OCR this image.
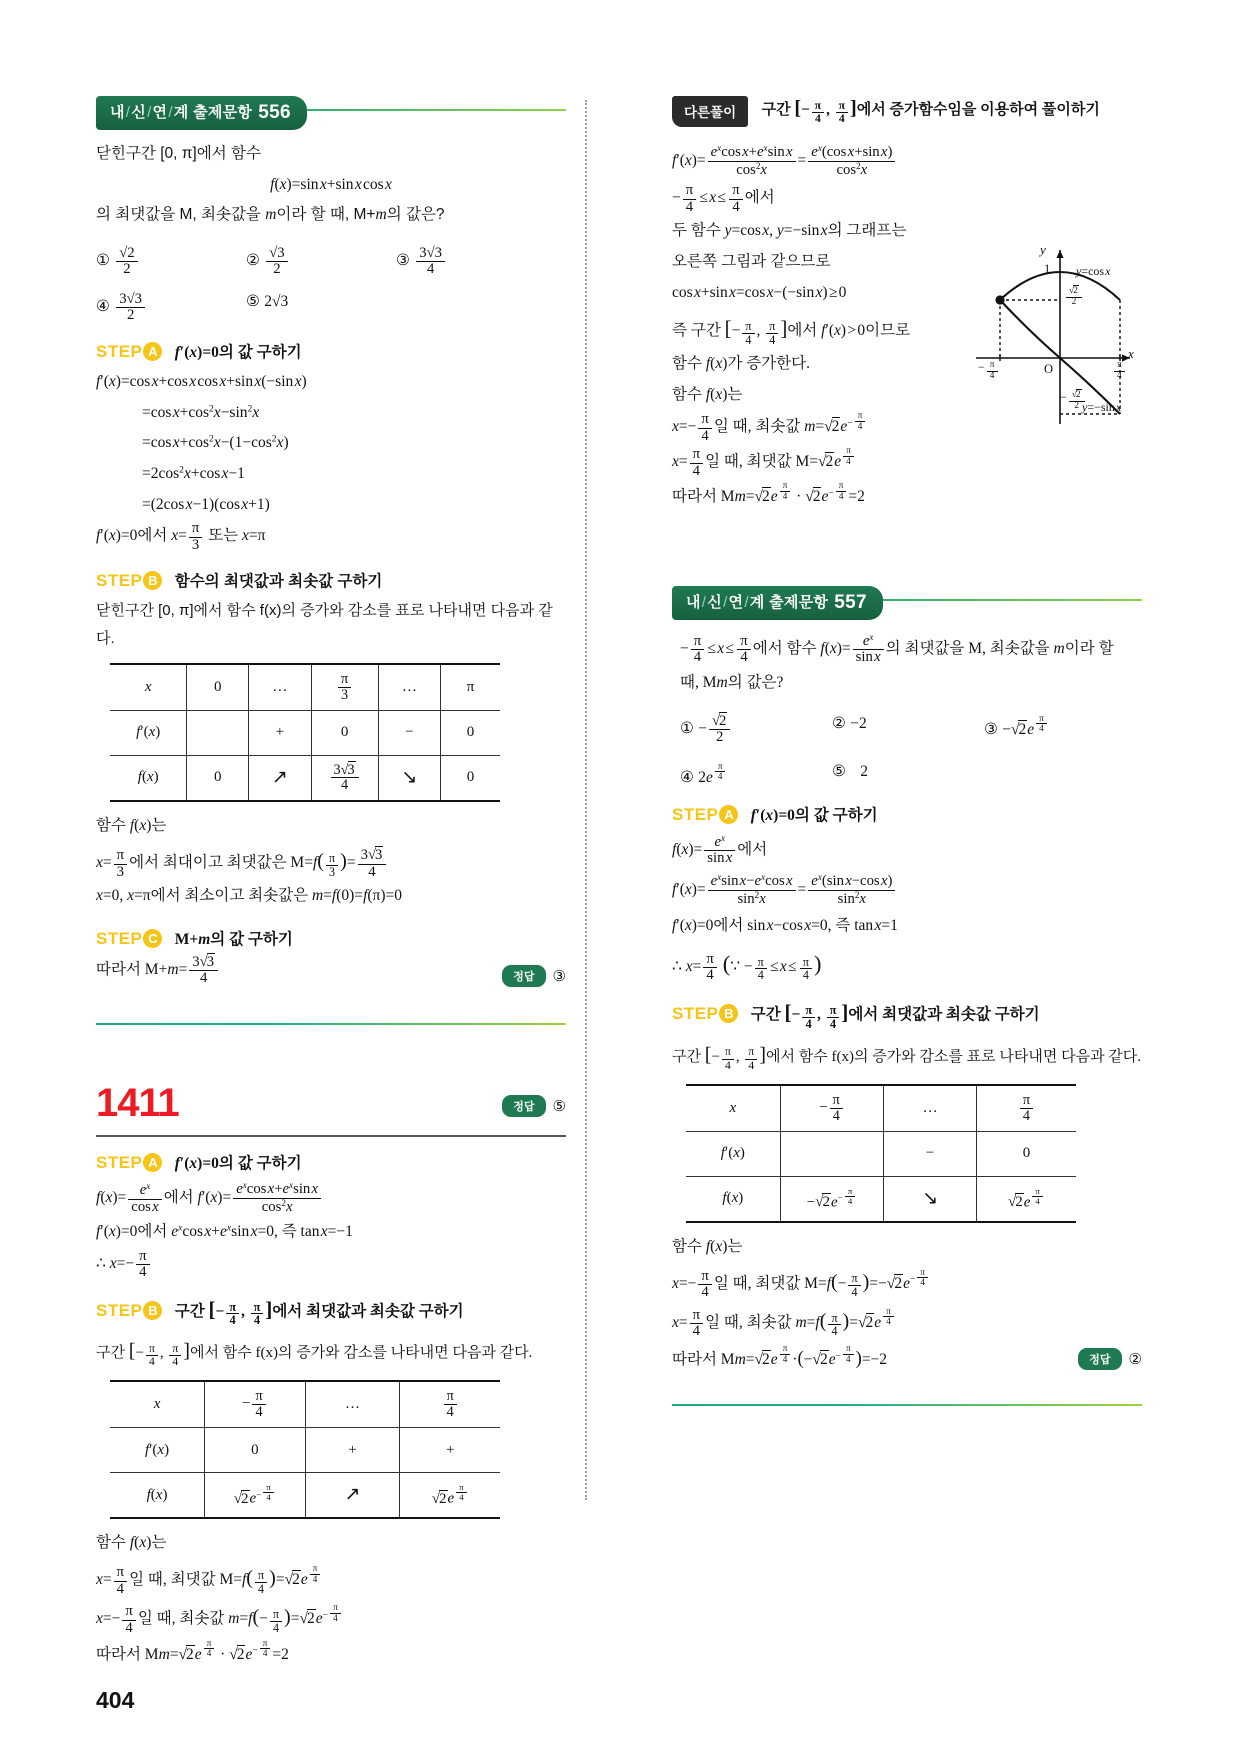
내/신/연/계 출제문항 556
닫힌구간 [0, π]에서 함수
f(x)=sin x+sin x cos x
의 최댓값을 M, 최솟값을 m이라 할 때, M+m의 값은?
① $\frac{√2}{2}$	② $\frac{√3}{2}$	③ $\frac{3√3}{4}$
④ $\frac{3√3}{2}$	⑤ 2√3
STEP A f′(x)=0의 값 구하기
f′(x)=cos x+cos x cos x+sin x(−sin x)
=cos $x+\cos^2x-\sin^2x$
=cos $x+\cos^2x-(1-\cos^2x)$
$=2\cos^2x+\cos$ x−1
=(2cos x−1)(cos x+1)
f′(x)=0에서 $x= \frac{\pi}{3}$ 또는 x=π
STEP B 함수의 최댓값과 최솟값 구하기
닫힌구간 [0, π]에서 함수 f(x)의 증가와 감소를 표로 나타내면 다음과 같다.
x	0	…	$\frac{\pi}{3}$	…	π
f′(x)		+	0	−	0
f(x)	0	↗	$\frac{3√3}{4}$	↘	0
함수 f(x)는
$x= \frac{\pi}{3}$ 에서 최대이고 최댓값은 $M=f( \frac{\pi}{3}$ )= $\frac{3√3}{4}$
x=0, x=π에서 최소이고 최솟값은 m=f(0)=f(π)=0
STEP C M+m의 값 구하기
따라서 $M+m= \frac{3√3}{4}$	정답	③
1411	정답	⑤
STEP A f′(x)=0의 값 구하기
$f(x)= \frac{e^x}{\text{cos x}}$ 에서 $f'(x)= \frac{e^x\cos x+e^x\sin x}{\cos^2x}$
f′(x)=0에서 $e^x\cos$ $x+e^x\sin$ x=0, 즉 tan x=−1
∴ $x=- \frac{\pi}{4}$
STEP B 구간 [− $\frac{\pi}{4}$ , $\frac{\pi}{4}$ ]에서 최댓값과 최솟값 구하기
구간 [− $\frac{\pi}{4}$ , $\frac{\pi}{4}$ ]에서 함수 f(x)의 증가와 감소를 나타내면 다음과 같다.
x	− $\frac{\pi}{4}$	…	$\frac{\pi}{4}$

f′(x)	0	+	+
f(x)	$√2e^{- \frac{\pi}{4}}$	↗	√2e $^{\frac{\pi}{4}}$
함수 f(x)는
$x= \frac{\pi}{4}$ 일 때, 최댓값 $M=f( \frac{\pi}{4} )=√2e$ $^{\frac{\pi}{4}}$
$x=- \frac{\pi}{4}$ 일 때, 최솟값 $m=f(- \frac{\pi}{4} )=√2e^{- \frac{\pi}{4}}$
따라서 Mm=√2e $^{\frac{\pi}{4}} \cdot √2e^{- \frac{\pi}{4}} =2$
다른풀이 구간 [− $\frac{\pi}{4}$ , $\frac{\pi}{4}$ ]에서 증가함수임을 이용하여 풀이하기
$f'(x)= \frac{e^x\cos x+e^x\sin x}{\cos^2x} = \frac{e^x(\cos x+\sin x)}{\cos^2x}$
− $\frac{\pi}{4}$  ≤ x ≤  $\frac{\pi}{4}$ 에서
두 함수 y=cos x, y=−sin x의 그래프는
오른쪽 그림과 같으므로
cos x+sin x=cos x−(−sin x) ≥ 0
즉 구간 [− $\frac{\pi}{4}$ , $\frac{\pi}{4}$ ]에서 f′(x) > 0이므로
함수 f(x)가 증가한다.
함수 f(x)는
$x=- \frac{\pi}{4}$ 일 때, 최솟값 $m=√2e^{- \frac{\pi}{4}}$
$x= \frac{\pi}{4}$ 일 때, 최댓값 M=√2e $^{\frac{\pi}{4}}$
따라서 Mm=√2e $^{\frac{\pi}{4}} \cdot √2e^{- \frac{\pi}{4}} =2$
y
x
O
1 y=cos x
y=−sin x
− $\frac{\pi}{4}$	$\frac{\pi}{4}$
$\frac{√2}{2}$
− $\frac{√2}{2}$
내/신/연/계 출제문항 557
− $\frac{\pi}{4}$  ≤ x ≤  $\frac{\pi}{4}$ 에서 함수 $f(x)= \frac{e^x}{\text{sin x}}$ 의 최댓값을 M, 최솟값을 m이라 할
때, Mm의 값은?
① − $\frac{√2}{2}$	② −2	③ −√2e $^{\frac{\pi}{4}}$
④ 2e $^{\frac{\pi}{4}}$	⑤ 2
STEP A f′(x)=0의 값 구하기
$f(x)= \frac{e^x}{\text{sin x}}$ 에서
$f'(x)= \frac{e^x\sin x-e^x\cos x}{\sin^2x} = \frac{e^x(\sin x-\cos x)}{\sin^2x}$
f′(x)=0에서 sin x−cos x=0, 즉 tan x=1
∴ $x= \frac{\pi}{4}$ (∵ − $\frac{\pi}{4}$  ≤ x ≤  $\frac{\pi}{4}$ )
STEP B 구간 [− $\frac{\pi}{4}$ , $\frac{\pi}{4}$ ]에서 최댓값과 최솟값 구하기
구간 [− $\frac{\pi}{4}$ , $\frac{\pi}{4}$ ]에서 함수 f(x)의 증가와 감소를 표로 나타내면 다음과 같다.
x	− $\frac{\pi}{4}$	…	$\frac{\pi}{4}$

f′(x)		−	0
f(x)	$-√2e^{- \frac{\pi}{4}}$	↘	√2e $^{\frac{\pi}{4}}$
함수 f(x)는
$x=- \frac{\pi}{4}$ 일 때, 최댓값 $M=f(- \frac{\pi}{4} )=-√2e^{- \frac{\pi}{4}}$
$x= \frac{\pi}{4}$ 일 때, 최솟값 $m=f( \frac{\pi}{4} )=√2e$ $^{\frac{\pi}{4}}$
따라서 Mm=√2e $^{\frac{\pi}{4}} \cdot(-√2e^{- \frac{\pi}{4}}$ )=−2	정답	②
404
